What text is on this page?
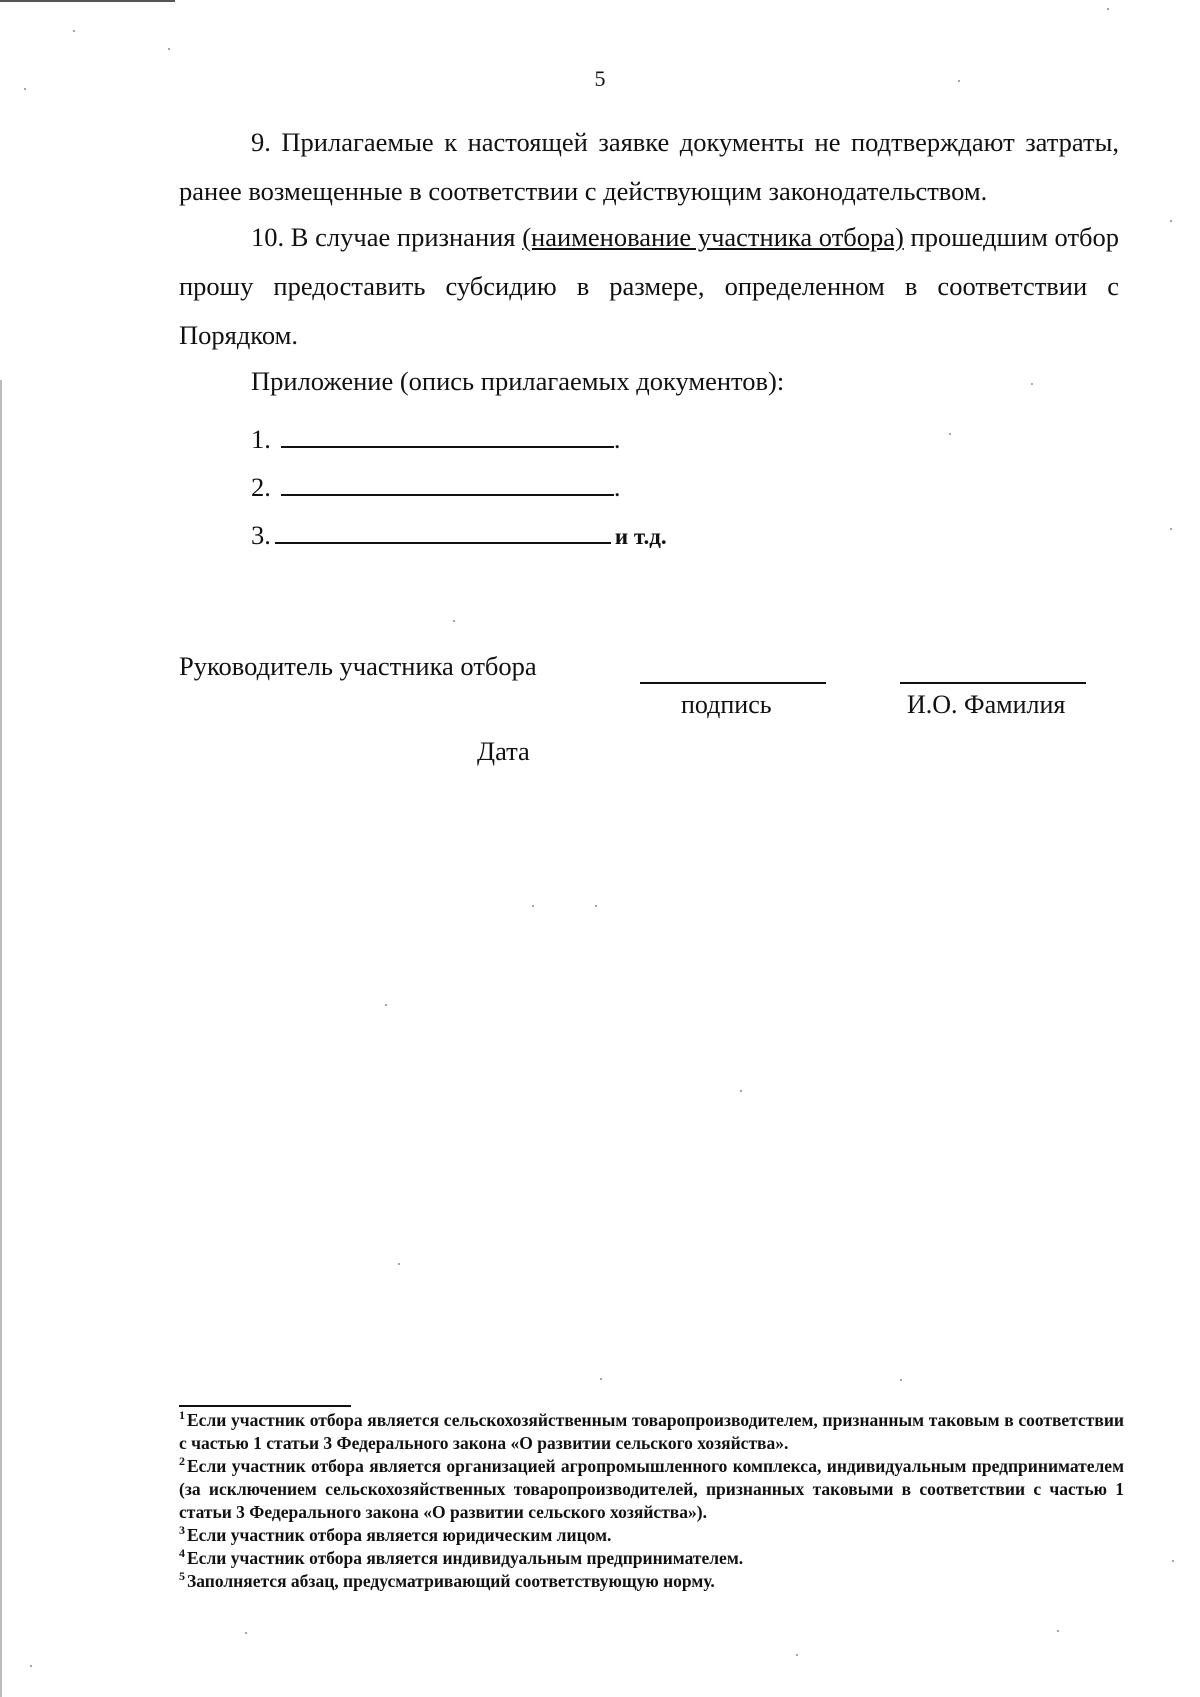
5
9. Прилагаемые к настоящей заявке документы не подтверждают затраты, ранее возмещенные в соответствии с действующим законодательством.
10. В случае признания (наименование участника отбора) прошедшим отбор прошу предоставить субсидию в размере, определенном в соответствии с Порядком.
Приложение (опись прилагаемых документов):
1.	.
2.	.
3.	и т.д.
Руководитель участника отбора
подпись	И.О. Фамилия
Дата
$^1$ Если участник отбора является сельскохозяйственным товаропроизводителем, признанным таковым в соответствии с частью 1 статьи 3 Федерального закона «О развитии сельского хозяйства».
$^2$ Если участник отбора является организацией агропромышленного комплекса, индивидуальным предпринимателем (за исключением сельскохозяйственных товаропроизводителей, признанных таковыми в соответствии с частью 1 статьи 3 Федерального закона «О развитии сельского хозяйства»).
$^3$ Если участник отбора является юридическим лицом.
$^4$ Если участник отбора является индивидуальным предпринимателем.
$^5$ Заполняется абзац, предусматривающий соответствующую норму.
